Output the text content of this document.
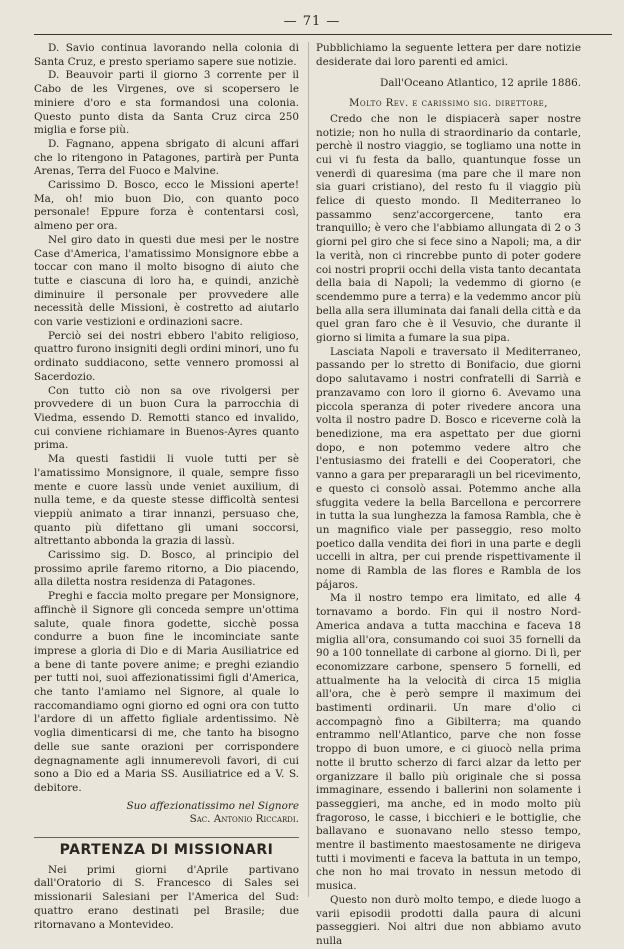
— 71 —

D. Savio continua lavorando nella colonia di Santa Cruz, e presto speriamo sapere sue notizie.

D. Beauvoir parti il giorno 3 corrente per il Cabo de les Virgenes, ove si scopersero le miniere d'oro e sta formandosi una colonia. Questo punto dista da Santa Cruz circa 250 miglia e forse più.

D. Fagnano, appena sbrigato di alcuni affari che lo ritengono in Patagones, partirà per Punta Arenas, Terra del Fuoco e Malvine.

Carissimo D. Bosco, ecco le Missioni aperte! Ma, oh! mio buon Dio, con quanto poco personale! Eppure forza è contentarsi così, almeno per ora.

Nel giro dato in questi due mesi per le nostre Case d'America, l'amatissimo Monsignore ebbe a toccar con mano il molto bisogno di aiuto che tutte e ciascuna di loro ha, e quindi, anzichè diminuire il personale per provvedere alle necessità delle Missioni, è costretto ad aiutarlo con varie vestizioni e ordinazioni sacre.

Perciò sei dei nostri ebbero l'abito religioso, quattro furono insigniti degli ordini minori, uno fu ordinato suddiacono, sette vennero promossi al Sacerdozio.

Con tutto ciò non sa ove rivolgersi per provvedere di un buon Cura la parrocchia di Viedma, essendo D. Remotti stanco ed invalido, cui conviene richiamare in Buenos-Ayres quanto prima.

Ma questi fastidii li vuole tutti per sè l'amatissimo Monsignore, il quale, sempre fisso mente e cuore lassù unde veniet auxilium, di nulla teme, e da queste stesse difficoltà sentesi vieppiù animato a tirar innanzi, persuaso che, quanto più difettano gli umani soccorsi, altrettanto abbonda la grazia di lassù.

Carissimo sig. D. Bosco, al principio del prossimo aprile faremo ritorno, a Dio piacendo, alla diletta nostra residenza di Patagones.

Preghi e faccia molto pregare per Monsignore, affinchè il Signore gli conceda sempre un'ottima salute, quale finora godette, sicchè possa condurre a buon fine le incominciate sante imprese a gloria di Dio e di Maria Ausiliatrice ed a bene di tante povere anime; e preghi eziandio per tutti noi, suoi affezionatissimi figli d'America, che tanto l'amiamo nel Signore, al quale lo raccomandiamo ogni giorno ed ogni ora con tutto l'ardore di un affetto figliale ardentissimo. Nè voglia dimenticarsi di me, che tanto ha bisogno delle sue sante orazioni per corrispondere degnagnamente agli innumerevoli favori, di cui sono a Dio ed a Maria SS. Ausiliatrice ed a V. S. debitore.

Suo affezionatissimo nel Signore
Sac. Antonio Riccardi.
PARTENZA DI MISSIONARI

Nei primi giorni d'Aprile partivano dall'Oratorio di S. Francesco di Sales sei missionarii Salesiani per l'America del Sud: quattro erano destinati pel Brasile; due ritornavano a Montevideo.

Pubblichiamo la seguente lettera per dare notizie desiderate dai loro parenti ed amici.

Dall'Oceano Atlantico, 12 aprile 1886.
Molto Rev. e carissimo sig. direttore,

Credo che non le dispiacerà saper nostre notizie; non ho nulla di straordinario da contarle, perchè il nostro viaggio, se togliamo una notte in cui vi fu festa da ballo, quantunque fosse un venerdì di quaresima (ma pare che il mare non sia guari cristiano), del resto fu il viaggio più felice di questo mondo. Il Mediterraneo lo passammo senz'accorgercene, tanto era tranquillo; è vero che l'abbiamo allungata di 2 o 3 giorni pel giro che si fece sino a Napoli; ma, a dir la verità, non ci rincrebbe punto di poter godere coi nostri proprii occhi della vista tanto decantata della baia di Napoli; la vedemmo di giorno (e scendemmo pure a terra) e la vedemmo ancor più bella alla sera illuminata dai fanali della città e da quel gran faro che è il Vesuvio, che durante il giorno si limita a fumare la sua pipa.

Lasciata Napoli e traversato il Mediterraneo, passando per lo stretto di Bonifacio, due giorni dopo salutavamo i nostri confratelli di Sarrià e pranzavamo con loro il giorno 6. Avevamo una piccola speranza di poter rivedere ancora una volta il nostro padre D. Bosco e riceverne colà la benedizione, ma era aspettato per due giorni dopo, e non potemmo vedere altro che l'entusiasmo dei fratelli e dei Cooperatori, che vanno a gara per prepararagli un bel ricevimento, e questo ci consolò assai. Potemmo anche alla sfuggita vedere la bella Barcellona e percorrere in tutta la sua lunghezza la famosa Rambla, che è un magnifico viale per passeggio, reso molto poetico dalla vendita dei fiori in una parte e degli uccelli in altra, per cui prende rispettivamente il nome di Rambla de las flores e Rambla de los pájaros.

Ma il nostro tempo era limitato, ed alle 4 tornavamo a bordo. Fin qui il nostro Nord-America andava a tutta macchina e faceva 18 miglia all'ora, consumando coi suoi 35 fornelli da 90 a 100 tonnellate di carbone al giorno. Di lì, per economizzare carbone, spensero 5 fornelli, ed attualmente ha la velocità di circa 15 miglia all'ora, che è però sempre il maximum dei bastimenti ordinarii. Un mare d'olio ci accompagnò fino a Gibilterra; ma quando entrammo nell'Atlantico, parve che non fosse troppo di buon umore, e ci giuocò nella prima notte il brutto scherzo di farci alzar da letto per organizzare il ballo più originale che si possa immaginare, essendo i ballerini non solamente i passeggieri, ma anche, ed in modo molto più fragoroso, le casse, i bicchieri e le bottiglie, che ballavano e suonavano nello stesso tempo, mentre il bastimento maestosamente ne dirigeva tutti i movimenti e faceva la battuta in un tempo, che non ho mai trovato in nessun metodo di musica.

Questo non durò molto tempo, e diede luogo a varii episodii prodotti dalla paura di alcuni passeggieri. Noi altri due non abbiamo avuto nulla
